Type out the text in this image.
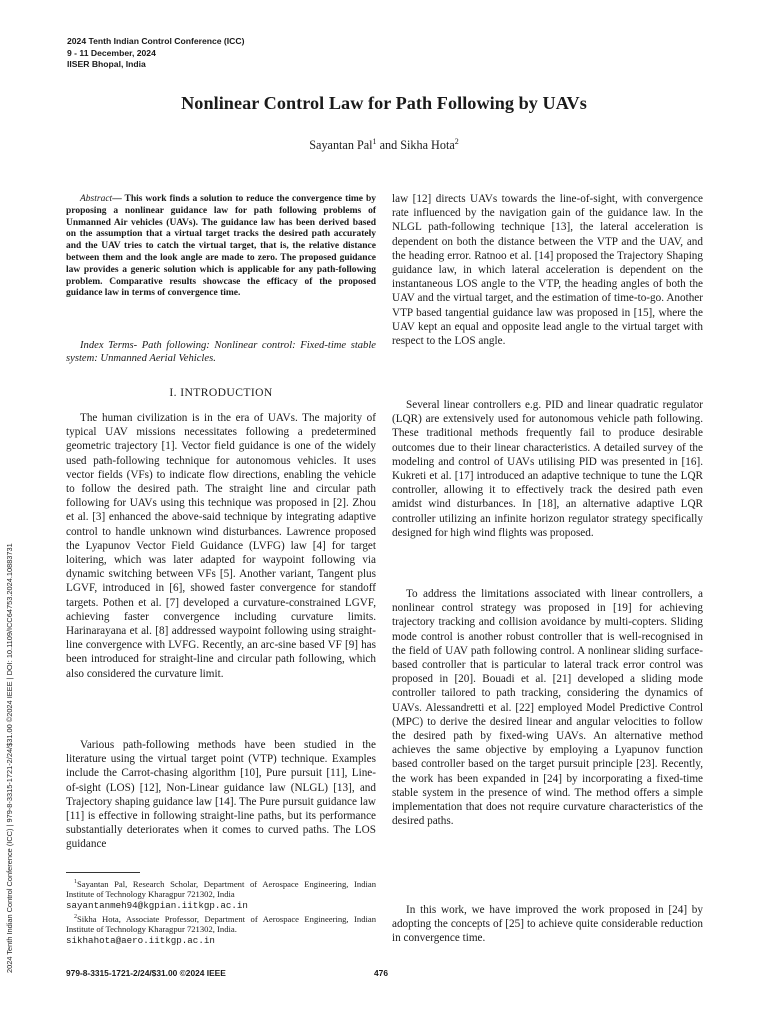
2024 Tenth Indian Control Conference (ICC)
9 - 11 December, 2024
IISER Bhopal, India
Nonlinear Control Law for Path Following by UAVs
Sayantan Pal$^1$ and Sikha Hota$^2$
2024 Tenth Indian Control Conference (ICC) | 979-8-3315-1721-2/24/$31.00 ©2024 IEEE | DOI: 10.1109/ICC64753.2024.10883731

Abstract— This work finds a solution to reduce the convergence time by proposing a nonlinear guidance law for path following problems of Unmanned Air vehicles (UAVs). The guidance law has been derived based on the assumption that a virtual target tracks the desired path accurately and the UAV tries to catch the virtual target, that is, the relative distance between them and the look angle are made to zero. The proposed guidance law provides a generic solution which is applicable for any path-following problem. Comparative results showcase the efficacy of the proposed guidance law in terms of convergence time.

Index Terms- Path following: Nonlinear control: Fixed-time stable system: Unmanned Aerial Vehicles.

I. INTRODUCTION

The human civilization is in the era of UAVs. The majority of typical UAV missions necessitates following a predetermined geometric trajectory [1]. Vector field guidance is one of the widely used path-following technique for autonomous vehicles. It uses vector fields (VFs) to indicate flow directions, enabling the vehicle to follow the desired path. The straight line and circular path following for UAVs using this technique was proposed in [2]. Zhou et al. [3] enhanced the above-said technique by integrating adaptive control to handle unknown wind disturbances. Lawrence proposed the Lyapunov Vector Field Guidance (LVFG) law [4] for target loitering, which was later adapted for waypoint following via dynamic switching between VFs [5]. Another variant, Tangent plus LGVF, introduced in [6], showed faster convergence for standoff targets. Pothen et al. [7] developed a curvature-constrained LGVF, achieving faster convergence including curvature limits. Harinarayana et al. [8] addressed waypoint following using straight-line convergence with LVFG. Recently, an arc-sine based VF [9] has been introduced for straight-line and circular path following, which also considered the curvature limit.

Various path-following methods have been studied in the literature using the virtual target point (VTP) technique. Examples include the Carrot-chasing algorithm [10], Pure pursuit [11], Line-of-sight (LOS) [12], Non-Linear guidance law (NLGL) [13], and Trajectory shaping guidance law [14]. The Pure pursuit guidance law [11] is effective in following straight-line paths, but its performance substantially deteriorates when it comes to curved paths. The LOS guidance

$^1$Sayantan Pal, Research Scholar, Department of Aerospace Engineering, Indian Institute of Technology Kharagpur 721302, India
sayantanmeh94@kgpian.iitkgp.ac.in

$^2$Sikha Hota, Associate Professor, Department of Aerospace Engineering, Indian Institute of Technology Kharagpur 721302, India.
sikhahota@aero.iitkgp.ac.in

law [12] directs UAVs towards the line-of-sight, with convergence rate influenced by the navigation gain of the guidance law. In the NLGL path-following technique [13], the lateral acceleration is dependent on both the distance between the VTP and the UAV, and the heading error. Ratnoo et al. [14] proposed the Trajectory Shaping guidance law, in which lateral acceleration is dependent on the instantaneous LOS angle to the VTP, the heading angles of both the UAV and the virtual target, and the estimation of time-to-go. Another VTP based tangential guidance law was proposed in [15], where the UAV kept an equal and opposite lead angle to the virtual target with respect to the LOS angle.

Several linear controllers e.g. PID and linear quadratic regulator (LQR) are extensively used for autonomous vehicle path following. These traditional methods frequently fail to produce desirable outcomes due to their linear characteristics. A detailed survey of the modeling and control of UAVs utilising PID was presented in [16]. Kukreti et al. [17] introduced an adaptive technique to tune the LQR controller, allowing it to effectively track the desired path even amidst wind disturbances. In [18], an alternative adaptive LQR controller utilizing an infinite horizon regulator strategy specifically designed for high wind flights was proposed.

To address the limitations associated with linear controllers, a nonlinear control strategy was proposed in [19] for achieving trajectory tracking and collision avoidance by multi-copters. Sliding mode control is another robust controller that is well-recognised in the field of UAV path following control. A nonlinear sliding surface-based controller that is particular to lateral track error control was proposed in [20]. Bouadi et al. [21] developed a sliding mode controller tailored to path tracking, considering the dynamics of UAVs. Alessandretti et al. [22] employed Model Predictive Control (MPC) to derive the desired linear and angular velocities to follow the desired path by fixed-wing UAVs. An alternative method achieves the same objective by employing a Lyapunov function based controller based on the target pursuit principle [23]. Recently, the work has been expanded in [24] by incorporating a fixed-time stable system in the presence of wind. The method offers a simple implementation that does not require curvature characteristics of the desired paths.

In this work, we have improved the work proposed in [24] by adopting the concepts of [25] to achieve quite considerable reduction in convergence time.

979-8-3315-1721-2/24/$31.00 ©2024 IEEE	476
